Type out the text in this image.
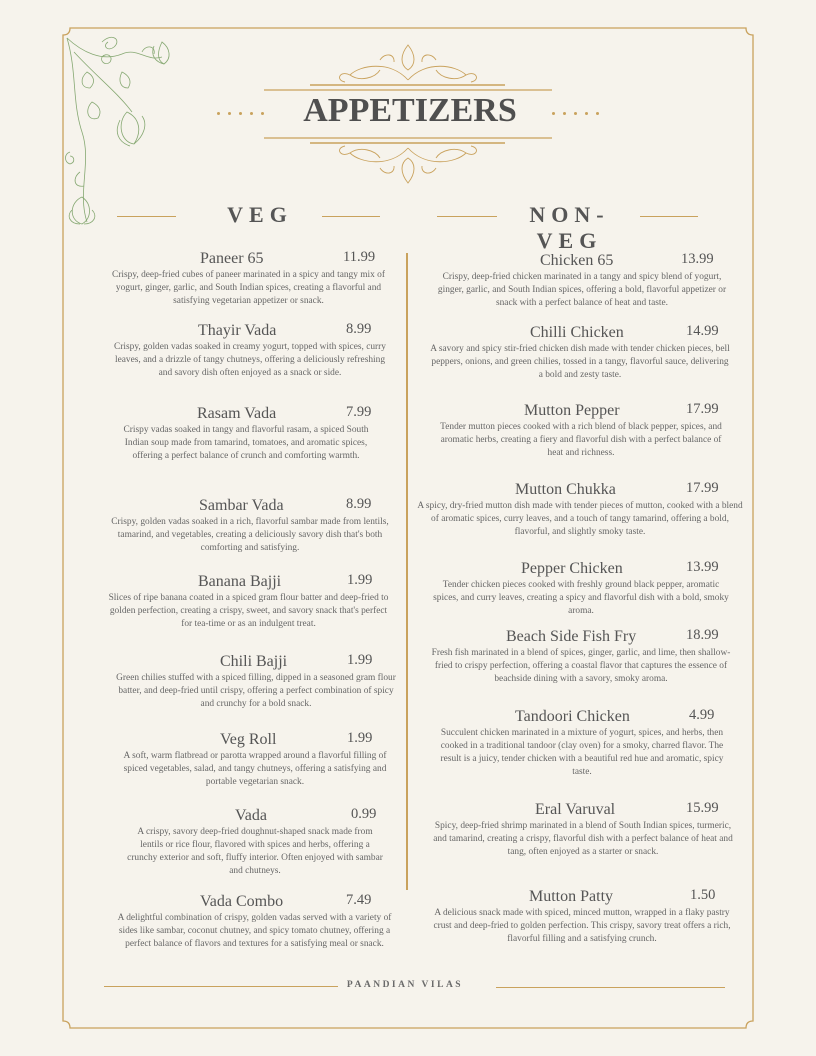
APPETIZERS
VEG	NON-VEG
Paneer 65	11.99
Crispy, deep-fried cubes of paneer marinated in a spicy and tangy mix of yogurt, ginger, garlic, and South Indian spices, creating a flavorful and satisfying vegetarian appetizer or snack.
Thayir Vada	8.99
Crispy, golden vadas soaked in creamy yogurt, topped with spices, curry leaves, and a drizzle of tangy chutneys, offering a deliciously refreshing and savory dish often enjoyed as a snack or side.
Rasam Vada	7.99
Crispy vadas soaked in tangy and flavorful rasam, a spiced South Indian soup made from tamarind, tomatoes, and aromatic spices, offering a perfect balance of crunch and comforting warmth.
Sambar Vada	8.99
Crispy, golden vadas soaked in a rich, flavorful sambar made from lentils, tamarind, and vegetables, creating a deliciously savory dish that's both comforting and satisfying.
Banana Bajji	1.99
Slices of ripe banana coated in a spiced gram flour batter and deep-fried to golden perfection, creating a crispy, sweet, and savory snack that's perfect for tea-time or as an indulgent treat.
Chili Bajji	1.99
Green chilies stuffed with a spiced filling, dipped in a seasoned gram flour batter, and deep-fried until crispy, offering a perfect combination of spicy and crunchy for a bold snack.
Veg Roll	1.99
A soft, warm flatbread or parotta wrapped around a flavorful filling of spiced vegetables, salad, and tangy chutneys, offering a satisfying and portable vegetarian snack.
Vada	0.99
A crispy, savory deep-fried doughnut-shaped snack made from lentils or rice flour, flavored with spices and herbs, offering a crunchy exterior and soft, fluffy interior. Often enjoyed with sambar and chutneys.
Vada Combo	7.49
A delightful combination of crispy, golden vadas served with a variety of sides like sambar, coconut chutney, and spicy tomato chutney, offering a perfect balance of flavors and textures for a satisfying meal or snack.
Chicken 65	13.99
Crispy, deep-fried chicken marinated in a tangy and spicy blend of yogurt, ginger, garlic, and South Indian spices, offering a bold, flavorful appetizer or snack with a perfect balance of heat and taste.
Chilli Chicken	14.99
A savory and spicy stir-fried chicken dish made with tender chicken pieces, bell peppers, onions, and green chilies, tossed in a tangy, flavorful sauce, delivering a bold and zesty taste.
Mutton Pepper	17.99
Tender mutton pieces cooked with a rich blend of black pepper, spices, and aromatic herbs, creating a fiery and flavorful dish with a perfect balance of heat and richness.
Mutton Chukka	17.99
A spicy, dry-fried mutton dish made with tender pieces of mutton, cooked with a blend of aromatic spices, curry leaves, and a touch of tangy tamarind, offering a bold, flavorful, and slightly smoky taste.
Pepper Chicken	13.99
Tender chicken pieces cooked with freshly ground black pepper, aromatic spices, and curry leaves, creating a spicy and flavorful dish with a bold, smoky aroma.
Beach Side Fish Fry	18.99
Fresh fish marinated in a blend of spices, ginger, garlic, and lime, then shallow-fried to crispy perfection, offering a coastal flavor that captures the essence of beachside dining with a savory, smoky aroma.
Tandoori Chicken	4.99
Succulent chicken marinated in a mixture of yogurt, spices, and herbs, then cooked in a traditional tandoor (clay oven) for a smoky, charred flavor. The result is a juicy, tender chicken with a beautiful red hue and aromatic, spicy taste.
Eral Varuval	15.99
Spicy, deep-fried shrimp marinated in a blend of South Indian spices, turmeric, and tamarind, creating a crispy, flavorful dish with a perfect balance of heat and tang, often enjoyed as a starter or snack.
Mutton Patty	1.50
A delicious snack made with spiced, minced mutton, wrapped in a flaky pastry crust and deep-fried to golden perfection. This crispy, savory treat offers a rich, flavorful filling and a satisfying crunch.
PAANDIAN VILAS
